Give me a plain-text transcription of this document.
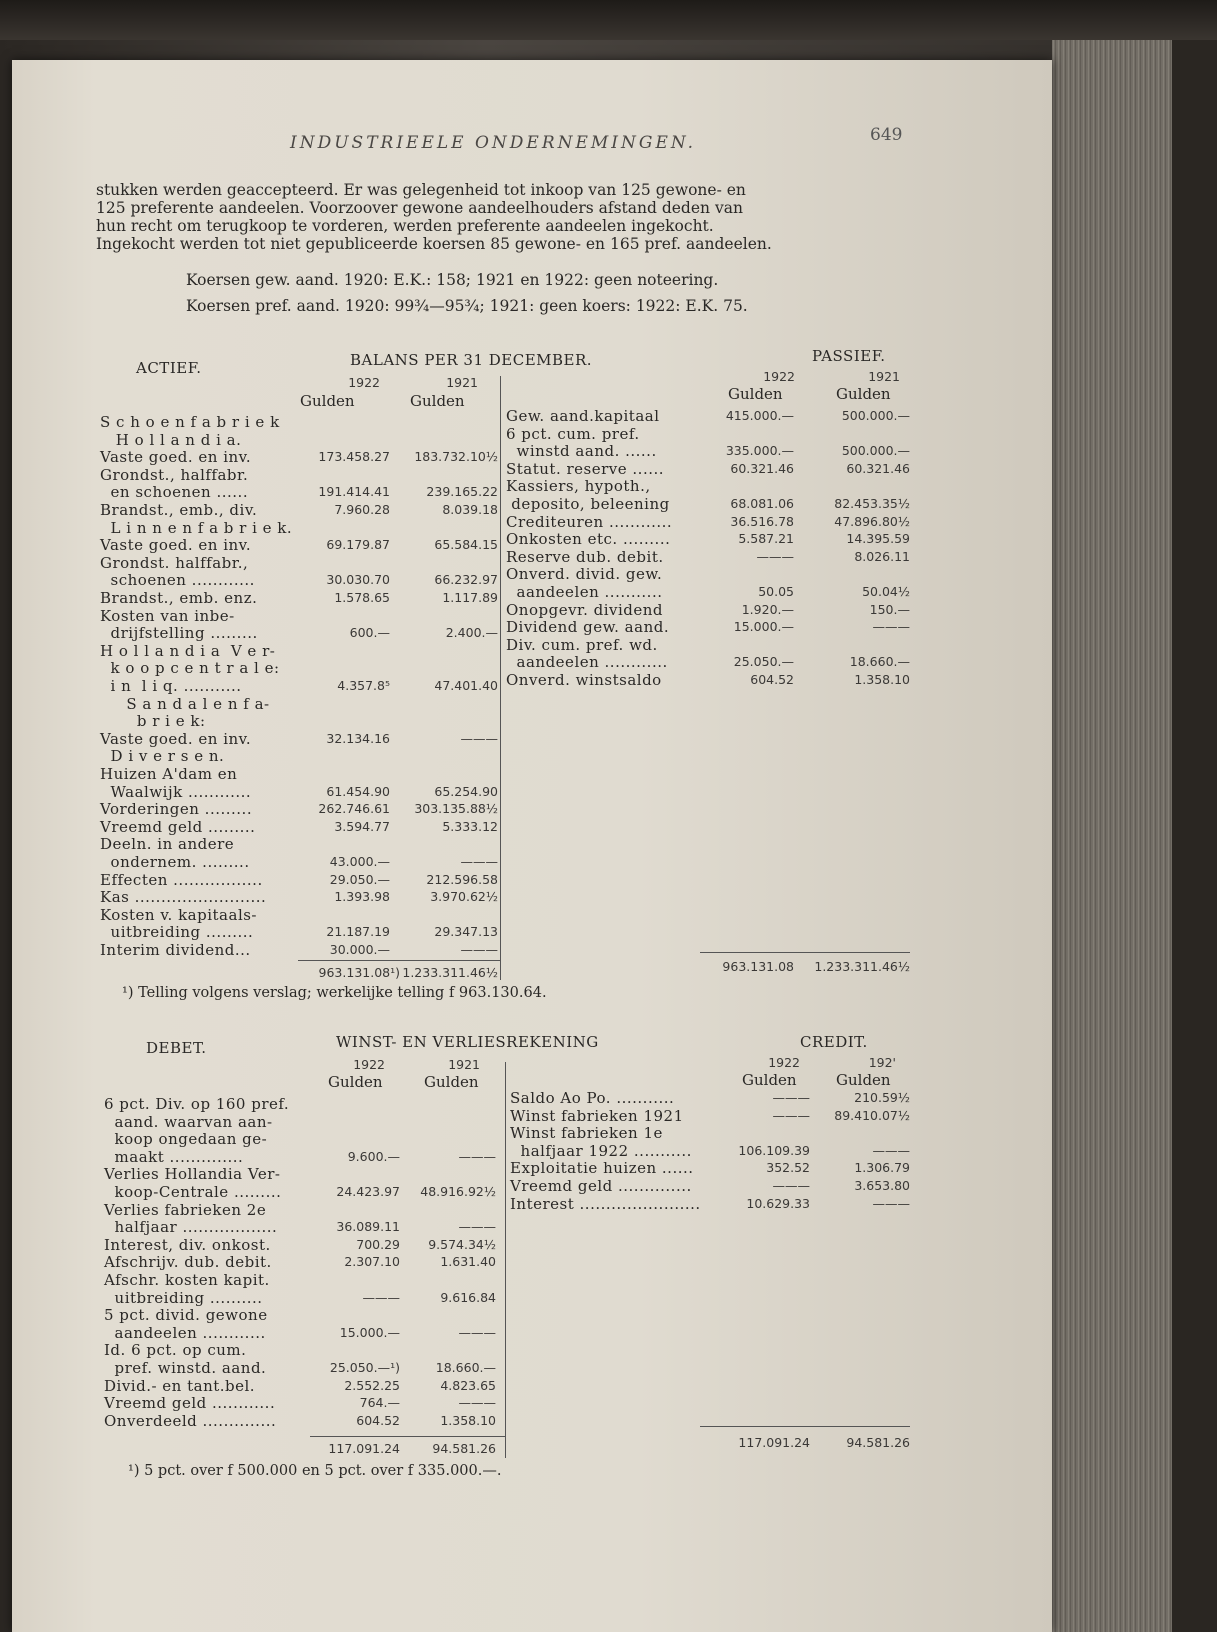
INDUSTRIEELE ONDERNEMINGEN.	649
stukken werden geaccepteerd. Er was gelegenheid tot inkoop van 125 gewone- en
125 preferente aandeelen. Voorzoover gewone aandeelhouders afstand deden van
hun recht om terugkoop te vorderen, werden preferente aandeelen ingekocht.
Ingekocht werden tot niet gepubliceerde koersen 85 gewone- en 165 pref. aandeelen.
Koersen gew. aand. 1920: E.K.: 158; 1921 en 1922: geen noteering.
Koersen pref. aand. 1920: 99¾—95¾; 1921: geen koers: 1922: E.K. 75.
ACTIEF.	BALANS PER 31 DECEMBER.	PASSIEF.
1922	1921
Gulden	Gulden
1922	1921
Gulden	Gulden
S c h o e n f a b r i e k
H o l l a n d i a.
Vaste goed. en inv.	173.458.27	183.732.10½
Grondst., halffabr.
en schoenen ......	191.414.41	239.165.22
Brandst., emb., div.	7.960.28	8.039.18
L i n n e n f a b r i e k.
Vaste goed. en inv.	69.179.87	65.584.15
Grondst. halffabr.,
schoenen ............	30.030.70	66.232.97
Brandst., emb. enz.	1.578.65	1.117.89
Kosten van inbe-
drijfstelling .........	600.—	2.400.—
H o l l a n d i a  V e r-
k o o p c e n t r a l e:
i n  l i q. ...........	4.357.8⁵	47.401.40
S a n d a l e n f a-
b r i e k:
Vaste goed. en inv.	32.134.16	———
D i v e r s e n.
Huizen A'dam en
Waalwijk ............	61.454.90	65.254.90
Vorderingen .........	262.746.61	303.135.88½
Vreemd geld .........	3.594.77	5.333.12
Deeln. in andere
ondernem. .........	43.000.—	———
Effecten .................	29.050.—	212.596.58
Kas .........................	1.393.98	3.970.62½
Kosten v. kapitaals-
uitbreiding .........	21.187.19	29.347.13
Interim dividend...	30.000.—	———
Gew. aand.kapitaal	415.000.—	500.000.—
6 pct. cum. pref.
winstd aand. ......	335.000.—	500.000.—
Statut. reserve ......	60.321.46	60.321.46
Kassiers, hypoth.,
deposito, beleening	68.081.06	82.453.35½
Crediteuren ............	36.516.78	47.896.80½
Onkosten etc. .........	5.587.21	14.395.59
Reserve dub. debit.	———	8.026.11
Onverd. divid. gew.
aandeelen ...........	50.05	50.04½
Onopgevr. dividend	1.920.—	150.—
Dividend gew. aand.	15.000.—	———
Div. cum. pref. wd.
aandeelen ............	25.050.—	18.660.—
Onverd. winstsaldo	604.52	1.358.10
963.131.08¹) 1.233.311.46½	963.131.08	1.233.311.46½
¹) Telling volgens verslag; werkelijke telling f 963.130.64.
DEBET.	WINST- EN VERLIESREKENING	CREDIT.
1922	1921
Gulden	Gulden
1922	192'
Gulden	Gulden
6 pct. Div. op 160 pref.
aand. waarvan aan-
koop ongedaan ge-
maakt ..............	9.600.—	———
Verlies Hollandia Ver-
koop-Centrale .........	24.423.97	48.916.92½
Verlies fabrieken 2e
halfjaar ..................	36.089.11	———
Interest, div. onkost.	700.29	9.574.34½
Afschrijv. dub. debit.	2.307.10	1.631.40
Afschr. kosten kapit.
uitbreiding ..........	———	9.616.84
5 pct. divid. gewone
aandeelen ............	15.000.—	———
Id. 6 pct. op cum.
pref. winstd. aand.	25.050.—¹)	18.660.—
Divid.- en tant.bel.	2.552.25	4.823.65
Vreemd geld ............	764.—	———
Onverdeeld ..............	604.52	1.358.10
Saldo Ao Po. ...........	———	210.59½
Winst fabrieken 1921	———	89.410.07½
Winst fabrieken 1e
halfjaar 1922 ...........	106.109.39	———
Exploitatie huizen ......	352.52	1.306.79
Vreemd geld ..............	———	3.653.80
Interest .......................	10.629.33	———
117.091.24	94.581.26	117.091.24	94.581.26
¹) 5 pct. over f 500.000 en 5 pct. over f 335.000.—.
